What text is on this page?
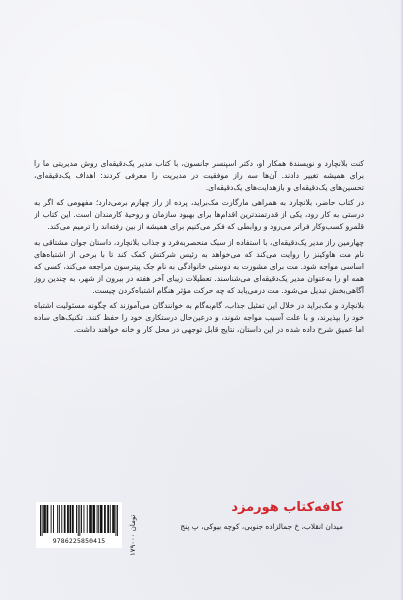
کنت بلانچارد و نویسندهٔ همکار او، دکتر اسپنسر جانسون، با کتاب مدیر یک‌دقیقه‌ای روش مدیریتی ما را برای همیشه تغییر دادند. آن‌ها سه راز موفقیت در مدیریت را معرفی کردند: اهداف یک‌دقیقه‌ای، تحسین‌های یک‌دقیقه‌ای و بازهدایت‌های یک‌دقیقه‌ای.

در کتاب حاضر، بلانچارد به همراهی مارگارت مک‌براید، پرده از راز چهارم برمی‌دارد؛ مفهومی که اگر به درستی به کار رود، یکی از قدرتمندترین اقدام‌ها برای بهبود سازمان و روحیهٔ کارمندان است. این کتاب از قلمرو کسب‌وکار فراتر می‌رود و روابطی که فکر می‌کنیم برای همیشه از بین رفته‌اند را ترمیم می‌کند.

چهارمین راز مدیر یک‌دقیقه‌ای، با استفاده از سبک منحصربه‌فرد و جذاب بلانچارد، داستان جوان مشتاقی به نام مت هاوکینز را روایت می‌کند که می‌خواهد به رئیس شرکتش کمک کند تا با برخی از اشتباه‌های اساسی مواجه شود. مت برای مشورت به دوستی خانوادگی به نام جک پیترسون مراجعه می‌کند، کسی که همه او را به‌عنوان مدیر یک‌دقیقه‌ای می‌شناسند. تعطیلات زیبای آخر هفته در بیرون از شهر، به چندین روز آگاهی‌بخش تبدیل می‌شود. مت درمی‌یابد که چه حرکت مؤثر هنگام اشتباه‌کردن چیست.

بلانچارد و مک‌براید در خلال این تمثیل جذاب، گام‌به‌گام به خوانندگان می‌آموزند که چگونه مسئولیت اشتباه خود را بپذیرند، و با علت آسیب مواجه شوند، و درعین‌حال درستکاری خود را حفظ کنند. تکنیک‌های ساده اما عمیق شرح داده شده در این داستان، نتایج قابل توجهی در محل کار و خانه خواهند داشت.

9786225850415	۱۷۹۰۰۰ تومان
کافه‌کتاب هورمزد
میدان انقلاب، خ جمالزاده جنوبی، کوچه بیوکی، پ پنج
